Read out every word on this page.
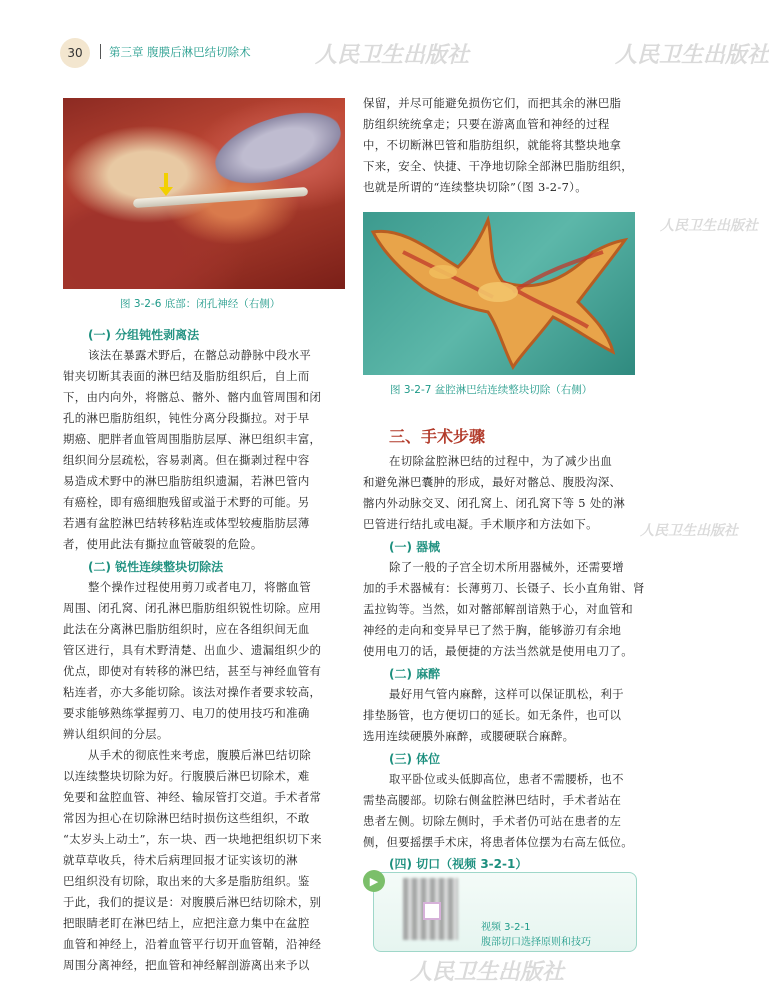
30	第三章 腹膜后淋巴结切除术	人民卫生出版社	人民卫生出版社
人民卫生出版社
人民卫生出版社
人民卫生出版社
图 3-2-6 底部：闭孔神经（右侧）
(一) 分组钝性剥离法

该法在暴露术野后，在髂总动静脉中段水平

钳夹切断其表面的淋巴结及脂肪组织后，自上而

下，由内向外，将髂总、髂外、髂内血管周围和闭

孔的淋巴脂肪组织，钝性分离分段撕拉。对于早

期癌、肥胖者血管周围脂肪层厚、淋巴组织丰富，

组织间分层疏松，容易剥离。但在撕剥过程中容

易造成术野中的淋巴脂肪组织遗漏，若淋巴管内

有癌栓，即有癌细胞残留或溢于术野的可能。另

若遇有盆腔淋巴结转移粘连或体型较瘦脂肪层薄

者，使用此法有撕拉血管破裂的危险。

(二) 锐性连续整块切除法

整个操作过程使用剪刀或者电刀，将髂血管

周围、闭孔窝、闭孔淋巴脂肪组织锐性切除。应用

此法在分离淋巴脂肪组织时，应在各组织间无血

管区进行，具有术野清楚、出血少、遗漏组织少的

优点，即使对有转移的淋巴结，甚至与神经血管有

粘连者，亦大多能切除。该法对操作者要求较高，

要求能够熟练掌握剪刀、电刀的使用技巧和准确

辨认组织间的分层。

从手术的彻底性来考虑，腹膜后淋巴结切除

以连续整块切除为好。行腹膜后淋巴切除术，难

免要和盆腔血管、神经、输尿管打交道。手术者常

常因为担心在切除淋巴结时损伤这些组织，不敢

“太岁头上动土”，东一块、西一块地把组织切下来

就草草收兵，待术后病理回报才证实该切的淋

巴组织没有切除，取出来的大多是脂肪组织。鉴

于此，我们的提议是：对腹膜后淋巴结切除术，别

把眼睛老盯在淋巴结上，应把注意力集中在盆腔

血管和神经上，沿着血管平行切开血管鞘，沿神经

周围分离神经，把血管和神经解剖游离出来予以

保留，并尽可能避免损伤它们，而把其余的淋巴脂

肪组织统统拿走；只要在游离血管和神经的过程

中，不切断淋巴管和脂肪组织，就能将其整块地拿

下来，安全、快捷、干净地切除全部淋巴脂肪组织，

也就是所谓的“连续整块切除”（图 3-2-7）。

图 3-2-7 盆腔淋巴结连续整块切除（右侧）
三、手术步骤

在切除盆腔淋巴结的过程中，为了减少出血

和避免淋巴囊肿的形成，最好对髂总、腹股沟深、

髂内外动脉交叉、闭孔窝上、闭孔窝下等 5 处的淋

巴管进行结扎或电凝。手术顺序和方法如下。

(一) 器械

除了一般的子宫全切术所用器械外，还需要增

加的手术器械有：长薄剪刀、长镊子、长小直角钳、肾

盂拉钩等。当然，如对髂部解剖谙熟于心，对血管和

神经的走向和变异早已了然于胸，能够游刃有余地

使用电刀的话，最便捷的方法当然就是使用电刀了。

(二) 麻醉

最好用气管内麻醉，这样可以保证肌松，利于

排垫肠管，也方便切口的延长。如无条件，也可以

选用连续硬膜外麻醉，或腰硬联合麻醉。

(三) 体位

取平卧位或头低脚高位，患者不需腰桥，也不

需垫高腰部。切除右侧盆腔淋巴结时，手术者站在

患者左侧。切除左侧时，手术者仍可站在患者的左

侧，但要摇摆手术床，将患者体位摆为右高左低位。

(四) 切口（视频 3-2-1）
▶
视频 3-2-1
腹部切口选择原则和技巧
